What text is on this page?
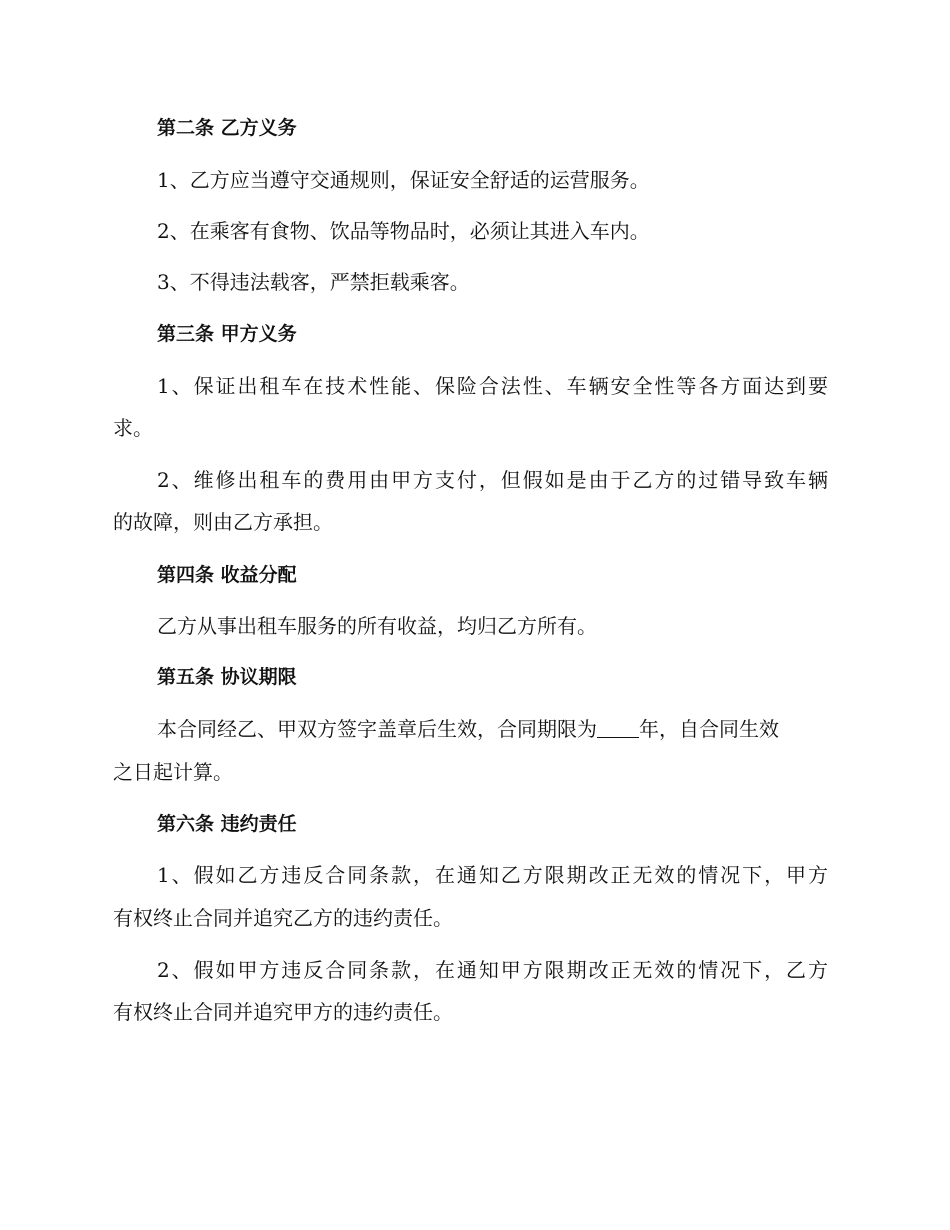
第二条 乙方义务
1、乙方应当遵守交通规则，保证安全舒适的运营服务。
2、在乘客有食物、饮品等物品时，必须让其进入车内。
3、不得违法载客，严禁拒载乘客。
第三条 甲方义务
1、保证出租车在技术性能、保险合法性、车辆安全性等各方面达到要
求。
2、维修出租车的费用由甲方支付，但假如是由于乙方的过错导致车辆
的故障，则由乙方承担。
第四条 收益分配
乙方从事出租车服务的所有收益，均归乙方所有。
第五条 协议期限
本合同经乙、甲双方签字盖章后生效，合同期限为 年，自合同生效
之日起计算。
第六条 违约责任
1、假如乙方违反合同条款，在通知乙方限期改正无效的情况下，甲方
有权终止合同并追究乙方的违约责任。
2、假如甲方违反合同条款，在通知甲方限期改正无效的情况下，乙方
有权终止合同并追究甲方的违约责任。
